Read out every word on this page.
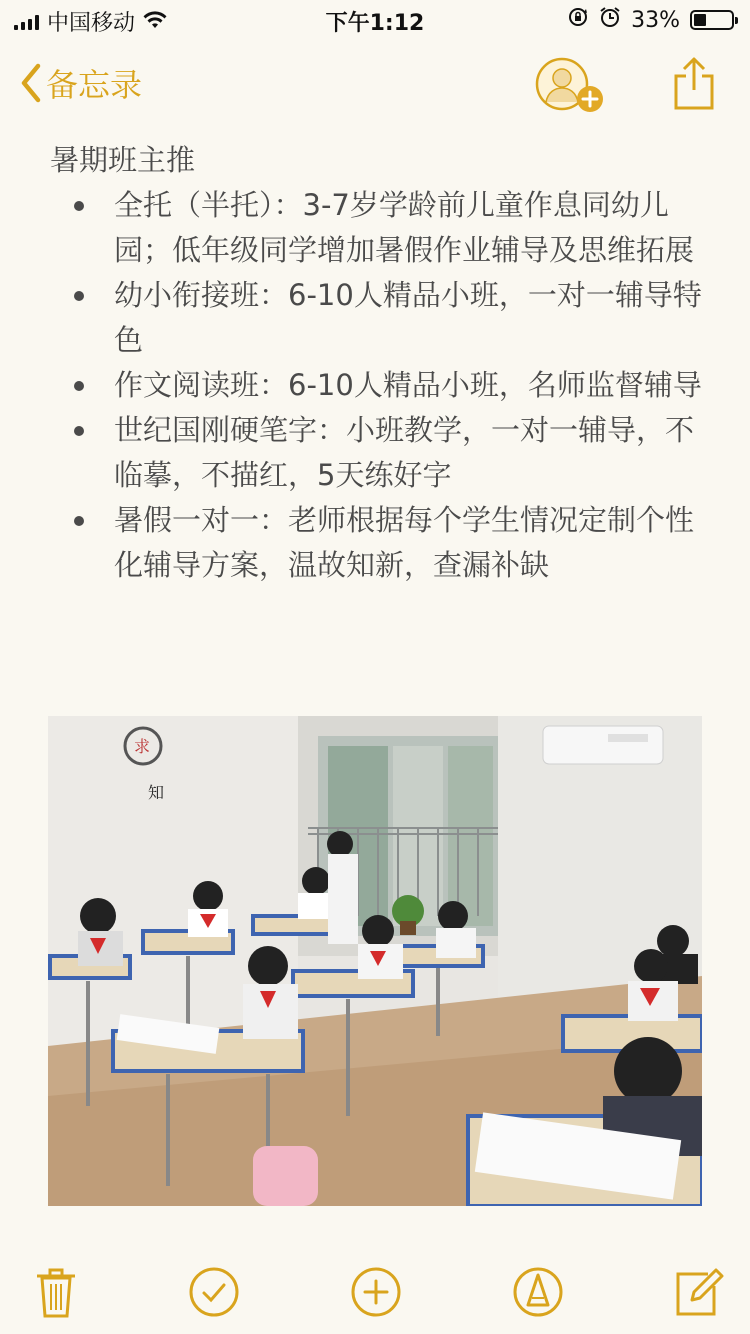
中国移动	下午1:12	33%
备忘录
暑期班主推
全托（半托）：3-7岁学龄前儿童作息同幼儿园；低年级同学增加暑假作业辅导及思维拓展
幼小衔接班：6-10人精品小班，一对一辅导特色
作文阅读班：6-10人精品小班，名师监督辅导
世纪国刚硬笔字：小班教学，一对一辅导，不临摹，不描红，5天练好字
暑假一对一：老师根据每个学生情况定制个性化辅导方案，温故知新，查漏补缺
求
知
